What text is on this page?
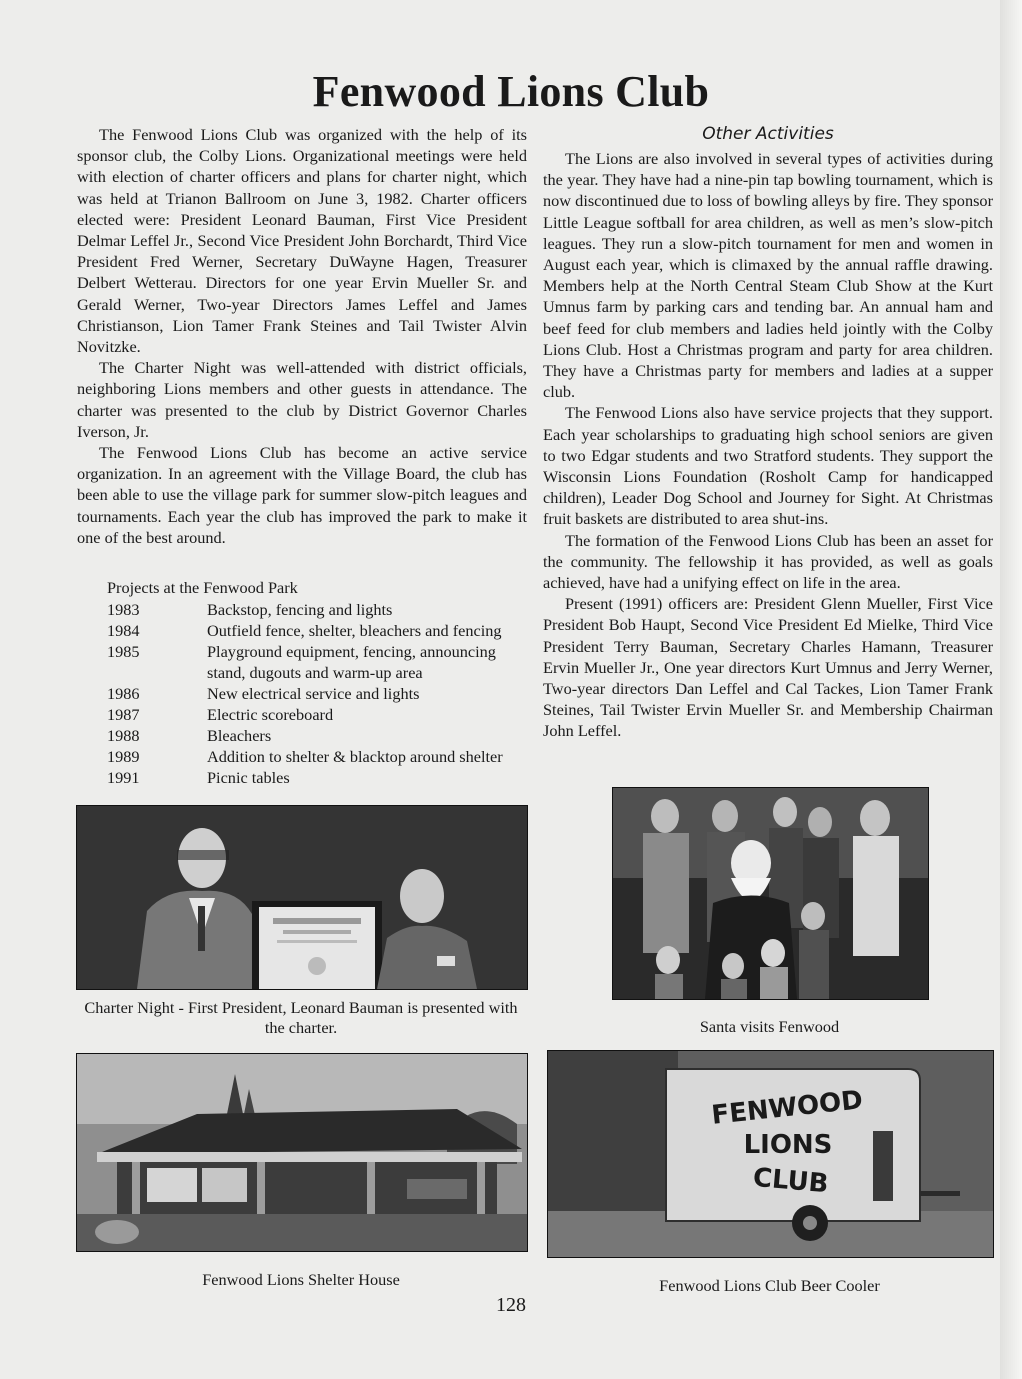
Fenwood Lions Club

The Fenwood Lions Club was organized with the help of its sponsor club, the Colby Lions. Organizational meetings were held with election of charter officers and plans for charter night, which was held at Trianon Ballroom on June 3, 1982. Charter officers elected were: President Leonard Bauman, First Vice President Delmar Leffel Jr., Second Vice President John Borchardt, Third Vice President Fred Werner, Secretary DuWayne Hagen, Treasurer Delbert Wetterau. Directors for one year Ervin Mueller Sr. and Gerald Werner, Two-year Directors James Leffel and James Christianson, Lion Tamer Frank Steines and Tail Twister Alvin Novitzke.

The Charter Night was well-attended with district officials, neighboring Lions members and other guests in attendance. The charter was presented to the club by District Governor Charles Iverson, Jr.

The Fenwood Lions Club has become an active service organization. In an agreement with the Village Board, the club has been able to use the village park for summer slow-pitch leagues and tournaments. Each year the club has improved the park to make it one of the best around.

Projects at the Fenwood Park
1983	Backstop, fencing and lights
1984	Outfield fence, shelter, bleachers and fencing
1985	Playground equipment, fencing, announcing stand, dugouts and warm-up area
1986	New electrical service and lights
1987	Electric scoreboard
1988	Bleachers
1989	Addition to shelter & blacktop around shelter
1991	Picnic tables
Other Activities

The Lions are also involved in several types of activities during the year. They have had a nine-pin tap bowling tournament, which is now discontinued due to loss of bowling alleys by fire. They sponsor Little League softball for area children, as well as men’s slow-pitch leagues. They run a slow-pitch tournament for men and women in August each year, which is climaxed by the annual raffle drawing. Members help at the North Central Steam Club Show at the Kurt Umnus farm by parking cars and tending bar. An annual ham and beef feed for club members and ladies held jointly with the Colby Lions Club. Host a Christmas program and party for area children. They have a Christmas party for members and ladies at a supper club.

The Fenwood Lions also have service projects that they support. Each year scholarships to graduating high school seniors are given to two Edgar students and two Stratford students. They support the Wisconsin Lions Foundation (Rosholt Camp for handicapped children), Leader Dog School and Journey for Sight. At Christmas fruit baskets are distributed to area shut-ins.

The formation of the Fenwood Lions Club has been an asset for the community. The fellowship it has provided, as well as goals achieved, have had a unifying effect on life in the area.

Present (1991) officers are: President Glenn Mueller, First Vice President Bob Haupt, Second Vice President Ed Mielke, Third Vice President Terry Bauman, Secretary Charles Hamann, Treasurer Ervin Mueller Jr., One year directors Kurt Umnus and Jerry Werner, Two-year directors Dan Leffel and Cal Tackes, Lion Tamer Frank Steines, Tail Twister Ervin Mueller Sr. and Membership Chairman John Leffel.

Charter Night - First President, Leonard Bauman is presented with the charter.	Santa visits Fenwood
Fenwood Lions Shelter House
FENWOOD
LIONS
CLUB
Fenwood Lions Club Beer Cooler
128
